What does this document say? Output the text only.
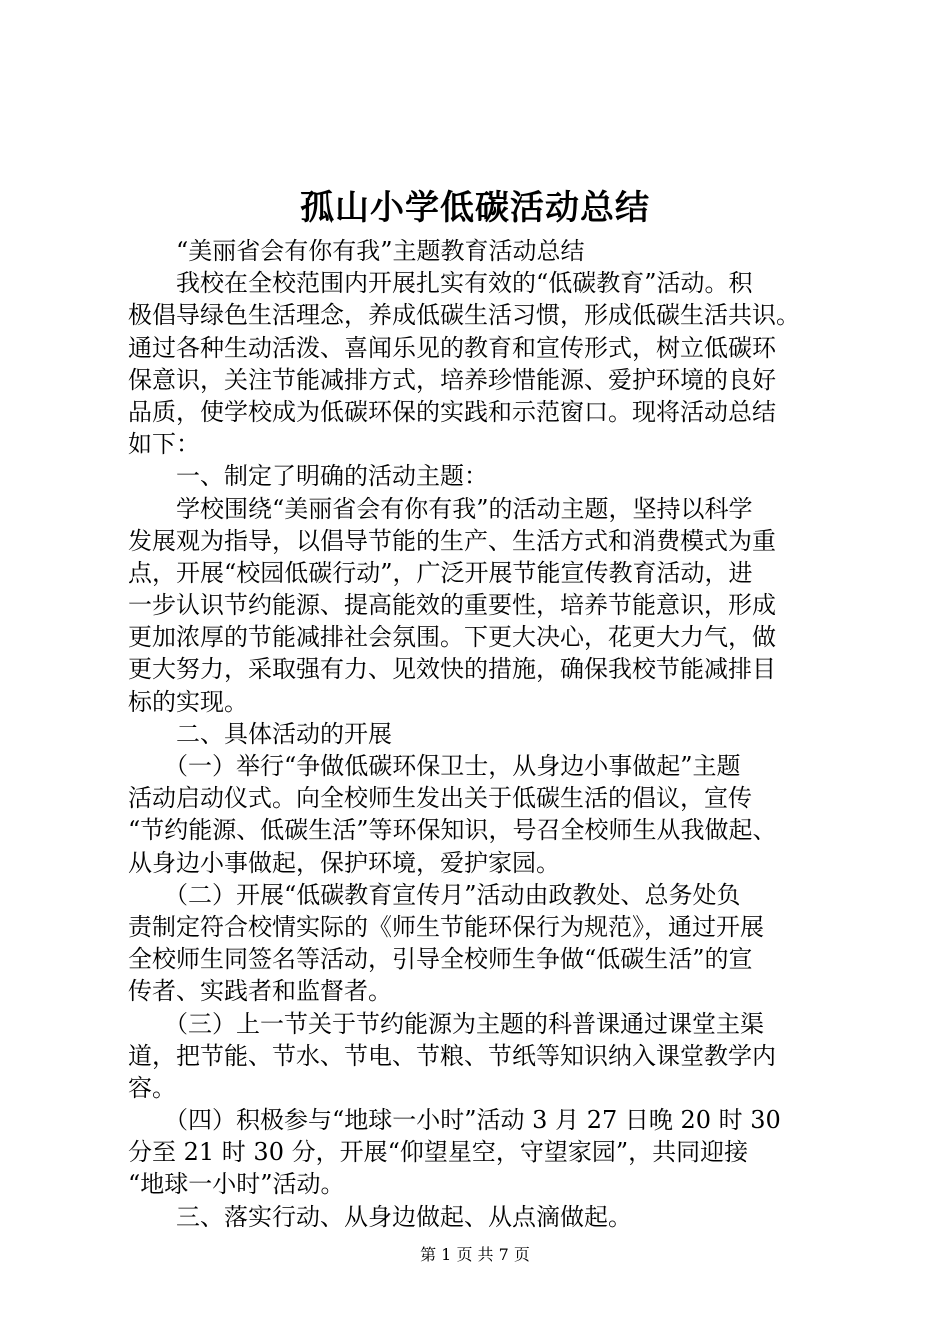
孤山小学低碳活动总结
　　“美丽省会有你有我”主题教育活动总结
　　我校在全校范围内开展扎实有效的“低碳教育”活动。积
极倡导绿色生活理念，养成低碳生活习惯，形成低碳生活共识。
通过各种生动活泼、喜闻乐见的教育和宣传形式，树立低碳环
保意识，关注节能减排方式，培养珍惜能源、爱护环境的良好
品质，使学校成为低碳环保的实践和示范窗口。现将活动总结
如下：
　　一、制定了明确的活动主题：
　　学校围绕“美丽省会有你有我”的活动主题，坚持以科学
发展观为指导，以倡导节能的生产、生活方式和消费模式为重
点，开展“校园低碳行动”，广泛开展节能宣传教育活动，进
一步认识节约能源、提高能效的重要性，培养节能意识，形成
更加浓厚的节能减排社会氛围。下更大决心，花更大力气，做
更大努力，采取强有力、见效快的措施，确保我校节能减排目
标的实现。
　　二、具体活动的开展
　　（一）举行“争做低碳环保卫士，从身边小事做起”主题
活动启动仪式。向全校师生发出关于低碳生活的倡议，宣传
“节约能源、低碳生活”等环保知识，号召全校师生从我做起、
从身边小事做起，保护环境，爱护家园。
　　（二）开展“低碳教育宣传月”活动由政教处、总务处负
责制定符合校情实际的《师生节能环保行为规范》，通过开展
全校师生同签名等活动，引导全校师生争做“低碳生活”的宣
传者、实践者和监督者。
　　（三）上一节关于节约能源为主题的科普课通过课堂主渠
道，把节能、节水、节电、节粮、节纸等知识纳入课堂教学内
容。
　　（四）积极参与“地球一小时”活动 3 月 27 日晚 20 时 30
分至 21 时 30 分，开展“仰望星空，守望家园”，共同迎接
“地球一小时”活动。
　　三、落实行动、从身边做起、从点滴做起。
第 1 页 共 7 页
